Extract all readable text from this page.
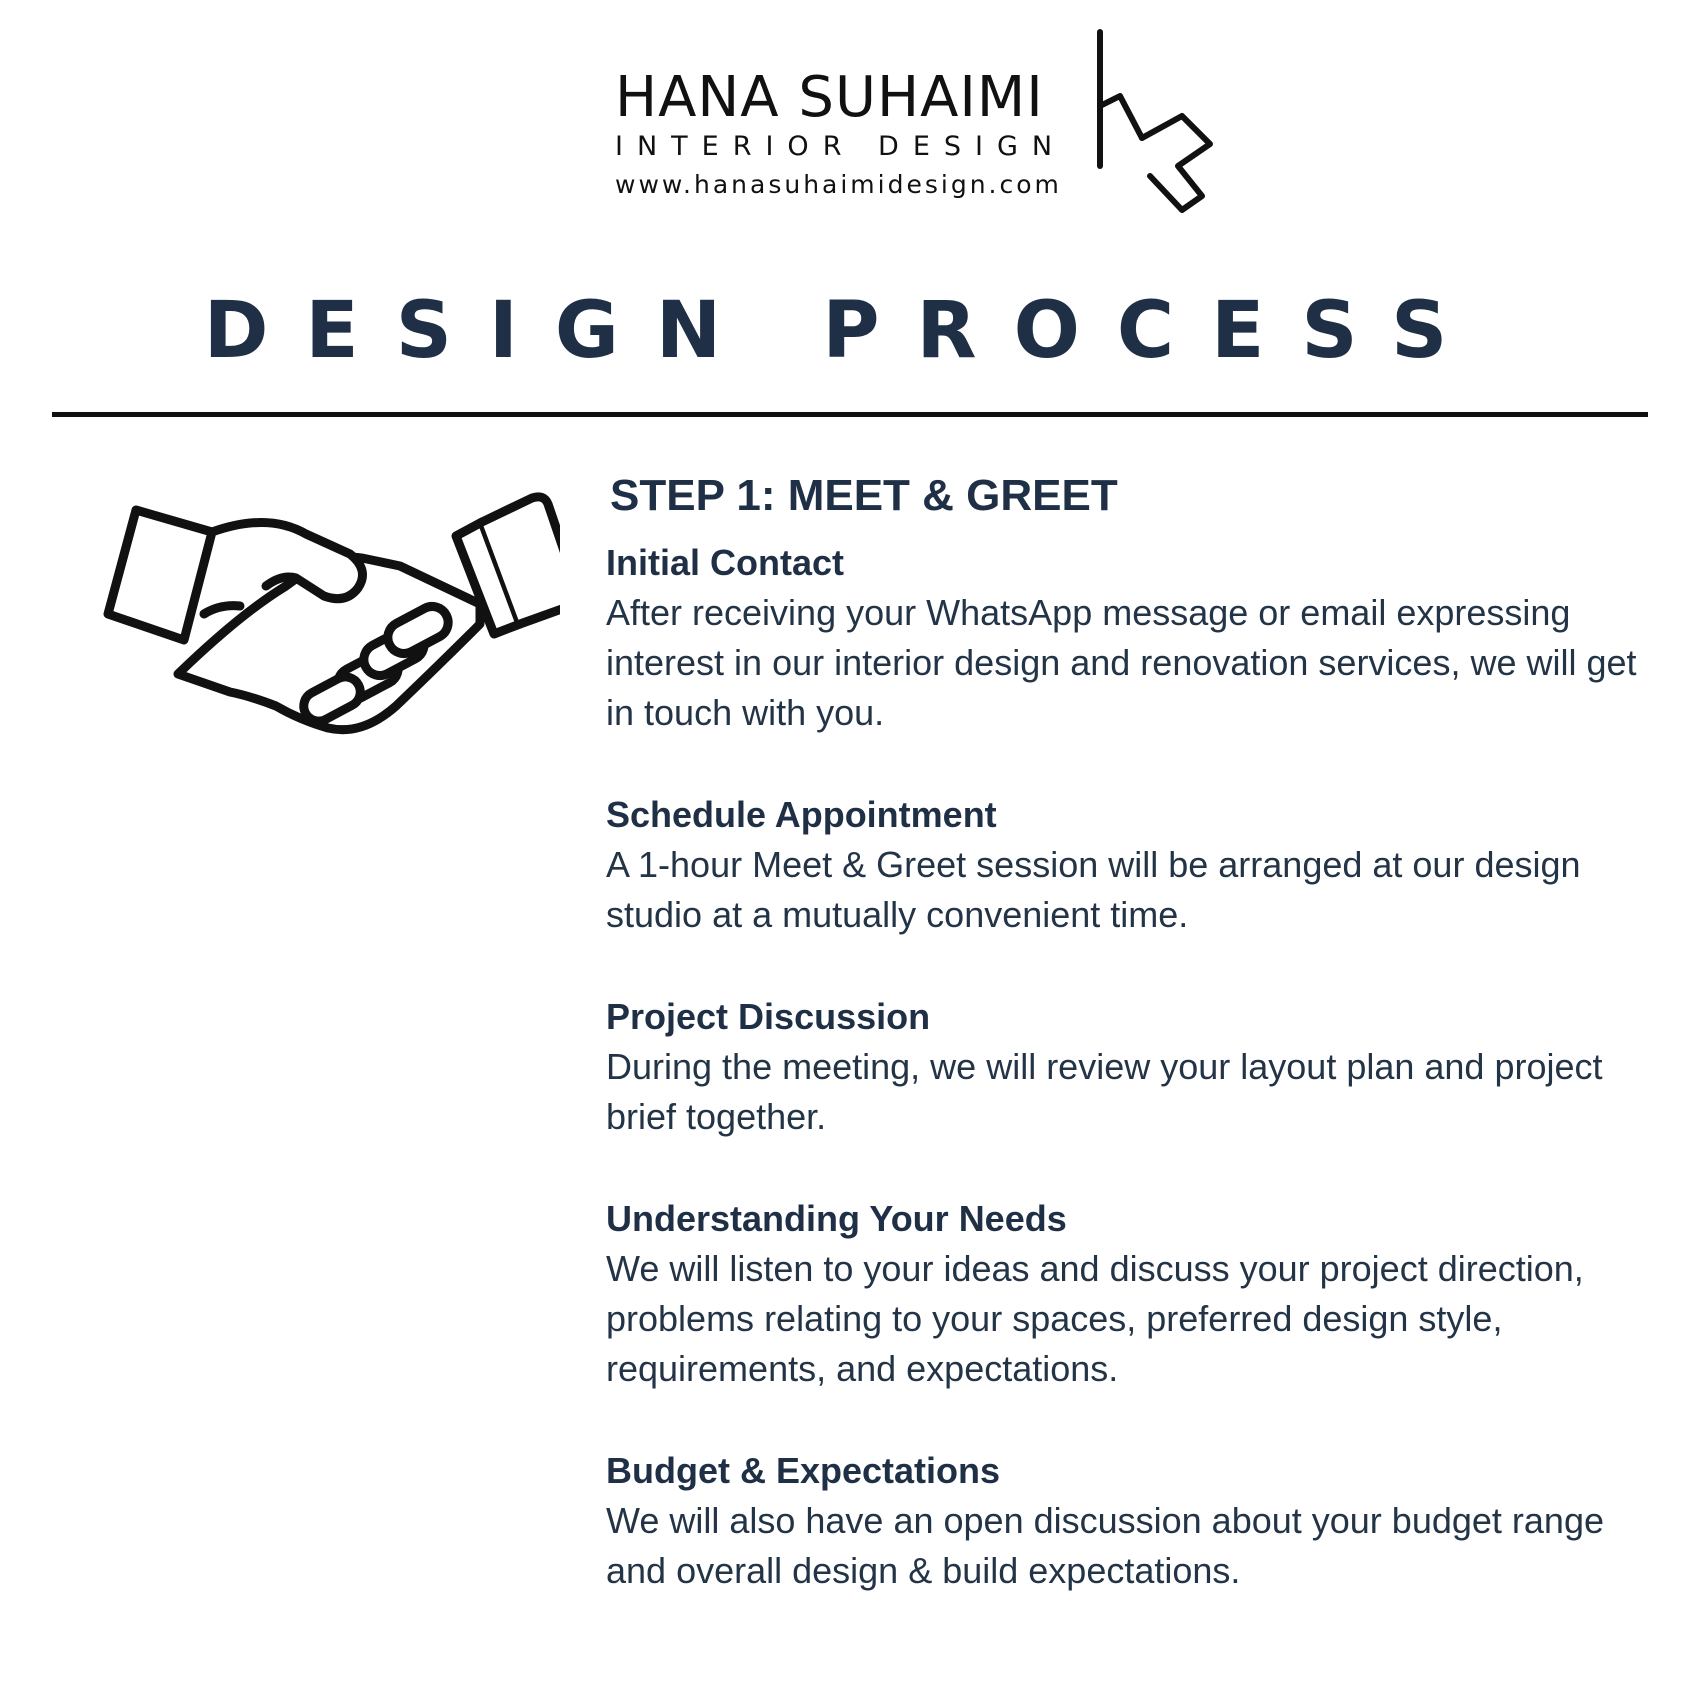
HANA SUHAIMI
INTERIOR DESIGN
www.hanasuhaimidesign.com
DESIGN PROCESS
STEP 1: MEET & GREET
Initial Contact
After receiving your WhatsApp message or email expressing interest in our interior design and renovation services, we will get in touch with you.
Schedule Appointment
A 1-hour Meet & Greet session will be arranged at our design studio at a mutually convenient time.
Project Discussion
During the meeting, we will review your layout plan and project brief together.
Understanding Your Needs
We will listen to your ideas and discuss your project direction, problems relating to your spaces, preferred design style, requirements, and expectations.
Budget & Expectations
We will also have an open discussion about your budget range and overall design & build expectations.
